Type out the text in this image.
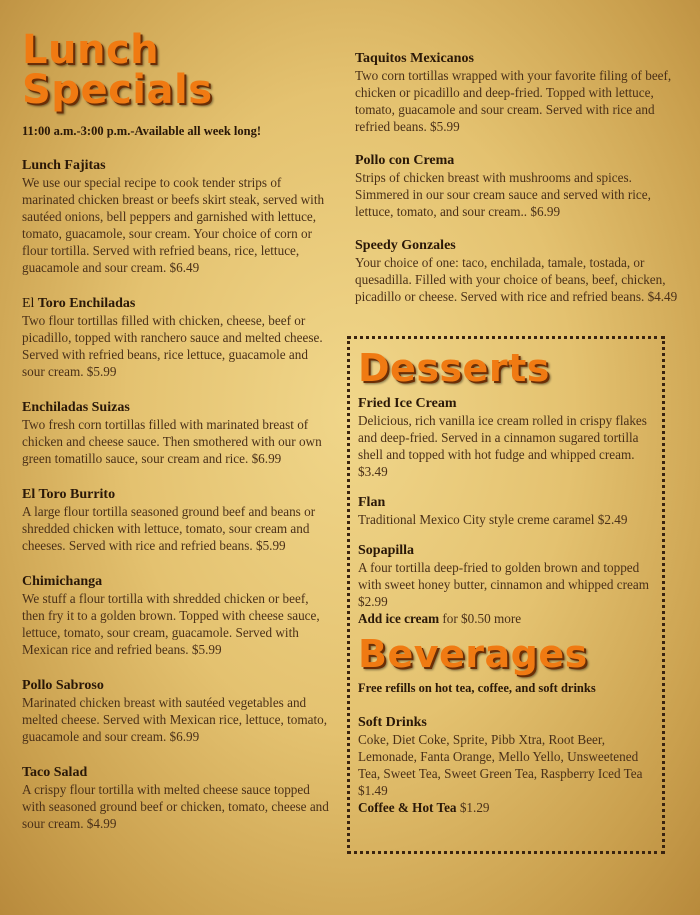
Lunch Specials
11:00 a.m.-3:00 p.m.-Available all week long!
Lunch Fajitas
We use our special recipe to cook tender strips of marinated chicken breast or beefs skirt steak, served with sautéed onions, bell peppers and garnished with lettuce, tomato, guacamole, sour cream. Your choice of corn or flour tortilla. Served with refried beans, rice, lettuce, guacamole and sour cream. $6.49
El Toro Enchiladas
Two flour tortillas filled with chicken, cheese, beef or picadillo, topped with ranchero sauce and melted cheese. Served with refried beans, rice lettuce, guacamole and sour cream. $5.99
Enchiladas Suizas
Two fresh corn tortillas filled with marinated breast of chicken and cheese sauce. Then smothered with our own green tomatillo sauce, sour cream and rice. $6.99
El Toro Burrito
A large flour tortilla seasoned ground beef and beans or shredded chicken with lettuce, tomato, sour cream and cheeses. Served with rice and refried beans. $5.99
Chimichanga
We stuff a flour tortilla with shredded chicken or beef, then fry it to a golden brown. Topped with cheese sauce, lettuce, tomato, sour cream, guacamole. Served with Mexican rice and refried beans. $5.99
Pollo Sabroso
Marinated chicken breast with sautéed vegetables and melted cheese. Served with Mexican rice, lettuce, tomato, guacamole and sour cream. $6.99
Taco Salad
A crispy flour tortilla with melted cheese sauce topped with seasoned ground beef or chicken, tomato, cheese and sour cream. $4.99
Taquitos Mexicanos
Two corn tortillas wrapped with your favorite filing of beef, chicken or picadillo and deep-fried. Topped with lettuce, tomato, guacamole and sour cream. Served with rice and refried beans. $5.99
Pollo con Crema
Strips of chicken breast with mushrooms and spices. Simmered in our sour cream sauce and served with rice, lettuce, tomato, and sour cream.. $6.99
Speedy Gonzales
Your choice of one: taco, enchilada, tamale, tostada, or quesadilla. Filled with your choice of beans, beef, chicken, picadillo or cheese. Served with rice and refried beans. $4.49
Desserts
Fried Ice Cream
Delicious, rich vanilla ice cream rolled in crispy flakes and deep-fried. Served in a cinnamon sugared tortilla shell and topped with hot fudge and whipped cream. $3.49
Flan
Traditional Mexico City style creme caramel $2.49
Sopapilla
A four tortilla deep-fried to golden brown and topped with sweet honey butter, cinnamon and whipped cream $2.99
Add ice cream for $0.50 more
Beverages
Free refills on hot tea, coffee, and soft drinks
Soft Drinks
Coke, Diet Coke, Sprite, Pibb Xtra, Root Beer, Lemonade, Fanta Orange, Mello Yello, Unsweetened Tea, Sweet Tea, Sweet Green Tea, Raspberry Iced Tea $1.49
Coffee & Hot Tea $1.29
